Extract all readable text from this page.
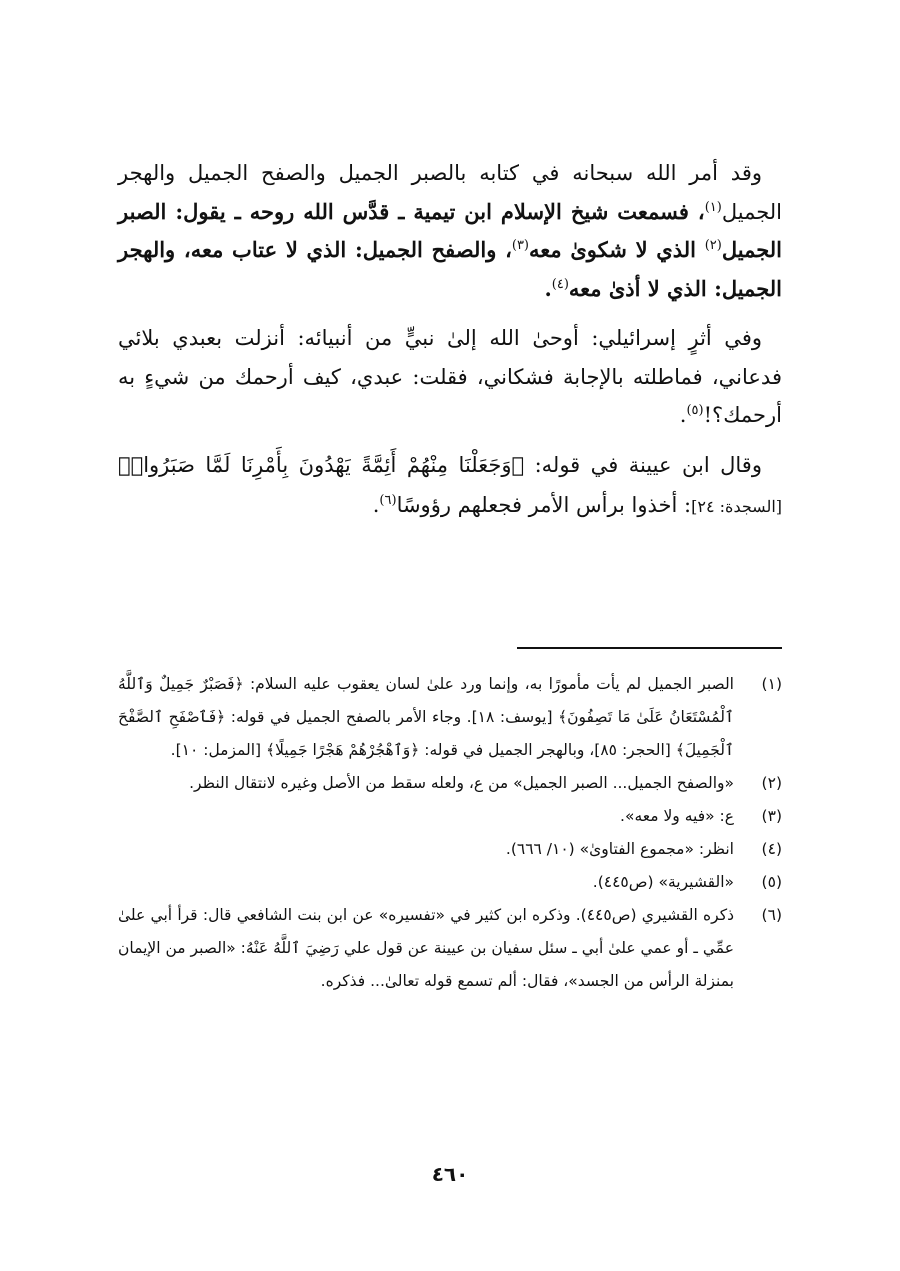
وقد أمر الله سبحانه في كتابه بالصبر الجميل والصفح الجميل والهجر الجميل$^{(١)}$، فسمعت شيخ الإسلام ابن تيمية ـ قدَّس الله روحه ـ يقول: الصبر الجميل$^{(٢)}$ الذي لا شكوىٰ معه$^{(٣)}$، والصفح الجميل: الذي لا عتاب معه، والهجر الجميل: الذي لا أذىٰ معه$^{(٤)}$.

وفي أثرٍ إسرائيلي: أوحىٰ الله إلىٰ نبيٍّ من أنبيائه: أنزلت بعبدي بلائي فدعاني، فماطلته بالإجابة فشكاني، فقلت: عبدي، كيف أرحمك من شيءٍ به أرحمك؟!$^{(٥)}$.

وقال ابن عيينة في قوله: ﴿وَجَعَلْنَا مِنْهُمْ أَئِمَّةً يَهْدُونَ بِأَمْرِنَا لَمَّا صَبَرُوا۟﴾ [السجدة: ٢٤]: أخذوا برأس الأمر فجعلهم رؤوسًا$^{(٦)}$.

(١)
الصبر الجميل لم يأت مأمورًا به، وإنما ورد علىٰ لسان يعقوب عليه السلام: ﴿فَصَبْرٌ جَمِيلٌ وَٱللَّهُ ٱلْمُسْتَعَانُ عَلَىٰ مَا تَصِفُونَ﴾ [يوسف: ١٨]. وجاء الأمر بالصفح الجميل في قوله: ﴿فَٱصْفَحِ ٱلصَّفْحَ ٱلْجَمِيلَ﴾ [الحجر: ٨٥]، وبالهجر الجميل في قوله: ﴿وَٱهْجُرْهُمْ هَجْرًا جَمِيلًا﴾ [المزمل: ١٠].
(٢)
«والصفح الجميل... الصبر الجميل» من ع، ولعله سقط من الأصل وغيره لانتقال النظر.
(٣)
ع: «فيه ولا معه».
(٤)
انظر: «مجموع الفتاوىٰ» (١٠/ ٦٦٦).
(٥)
«القشيرية» (ص٤٤٥).
(٦)
ذكره القشيري (ص٤٤٥). وذكره ابن كثير في «تفسيره» عن ابن بنت الشافعي قال: قرأ أبي علىٰ عمِّي ـ أو عمي علىٰ أبي ـ سئل سفيان بن عيينة عن قول علي رَضِيَ ٱللَّهُ عَنْهُ: «الصبر من الإيمان بمنزلة الرأس من الجسد»، فقال: ألم تسمع قوله تعالىٰ... فذكره.
٤٦٠
